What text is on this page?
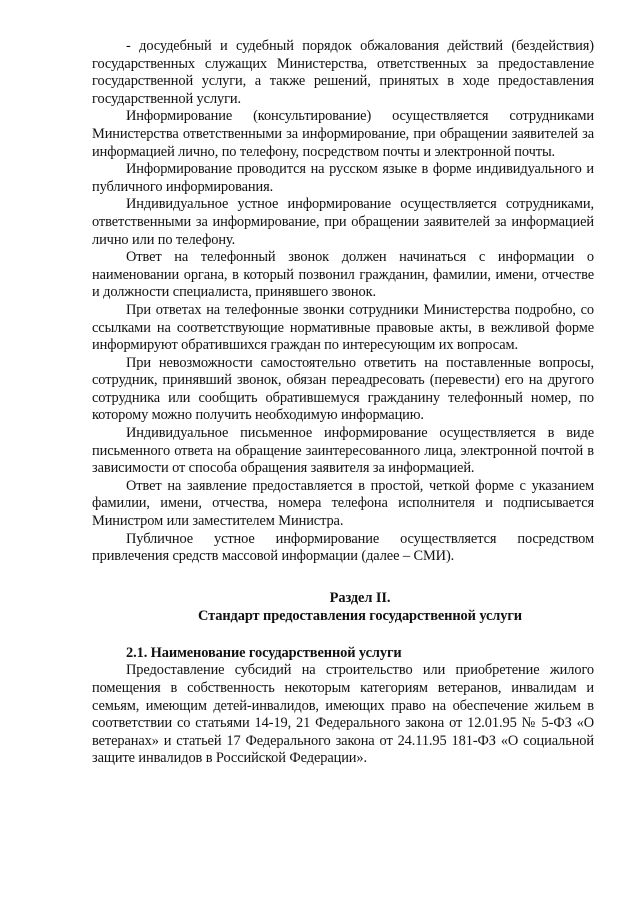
- досудебный и судебный порядок обжалования действий (бездействия) государственных служащих Министерства, ответственных за предоставление государственной услуги, а также решений, принятых в ходе предоставления государственной услуги.

Информирование (консультирование) осуществляется сотрудниками Министерства ответственными за информирование, при обращении заявителей за информацией лично, по телефону, посредством почты и электронной почты.

Информирование проводится на русском языке в форме индивидуального и публичного информирования.

Индивидуальное устное информирование осуществляется сотрудниками, ответственными за информирование, при обращении заявителей за информацией лично или по телефону.

Ответ на телефонный звонок должен начинаться с информации о наименовании органа, в который позвонил гражданин, фамилии, имени, отчестве и должности специалиста, принявшего звонок.

При ответах на телефонные звонки сотрудники Министерства подробно, со ссылками на соответствующие нормативные правовые акты, в вежливой форме информируют обратившихся граждан по интересующим их вопросам.

При невозможности самостоятельно ответить на поставленные вопросы, сотрудник, принявший звонок, обязан переадресовать (перевести) его на другого сотрудника или сообщить обратившемуся гражданину телефонный номер, по которому можно получить необходимую информацию.

Индивидуальное письменное информирование осуществляется в виде письменного ответа на обращение заинтересованного лица, электронной почтой в зависимости от способа обращения заявителя за информацией.

Ответ на заявление предоставляется в простой, четкой форме с указанием фамилии, имени, отчества, номера телефона исполнителя и подписывается Министром или заместителем Министра.

Публичное устное информирование осуществляется посредством привлечения средств массовой информации (далее – СМИ).

Раздел II.
Стандарт предоставления государственной услуги

2.1. Наименование государственной услуги

Предоставление субсидий на строительство или приобретение жилого помещения в собственность некоторым категориям ветеранов, инвалидам и семьям, имеющим детей-инвалидов, имеющих право на обеспечение жильем в соответствии со статьями 14-19, 21 Федерального закона от 12.01.95 № 5-ФЗ «О ветеранах» и статьей 17 Федерального закона от 24.11.95 181-ФЗ «О социальной защите инвалидов в Российской Федерации».
